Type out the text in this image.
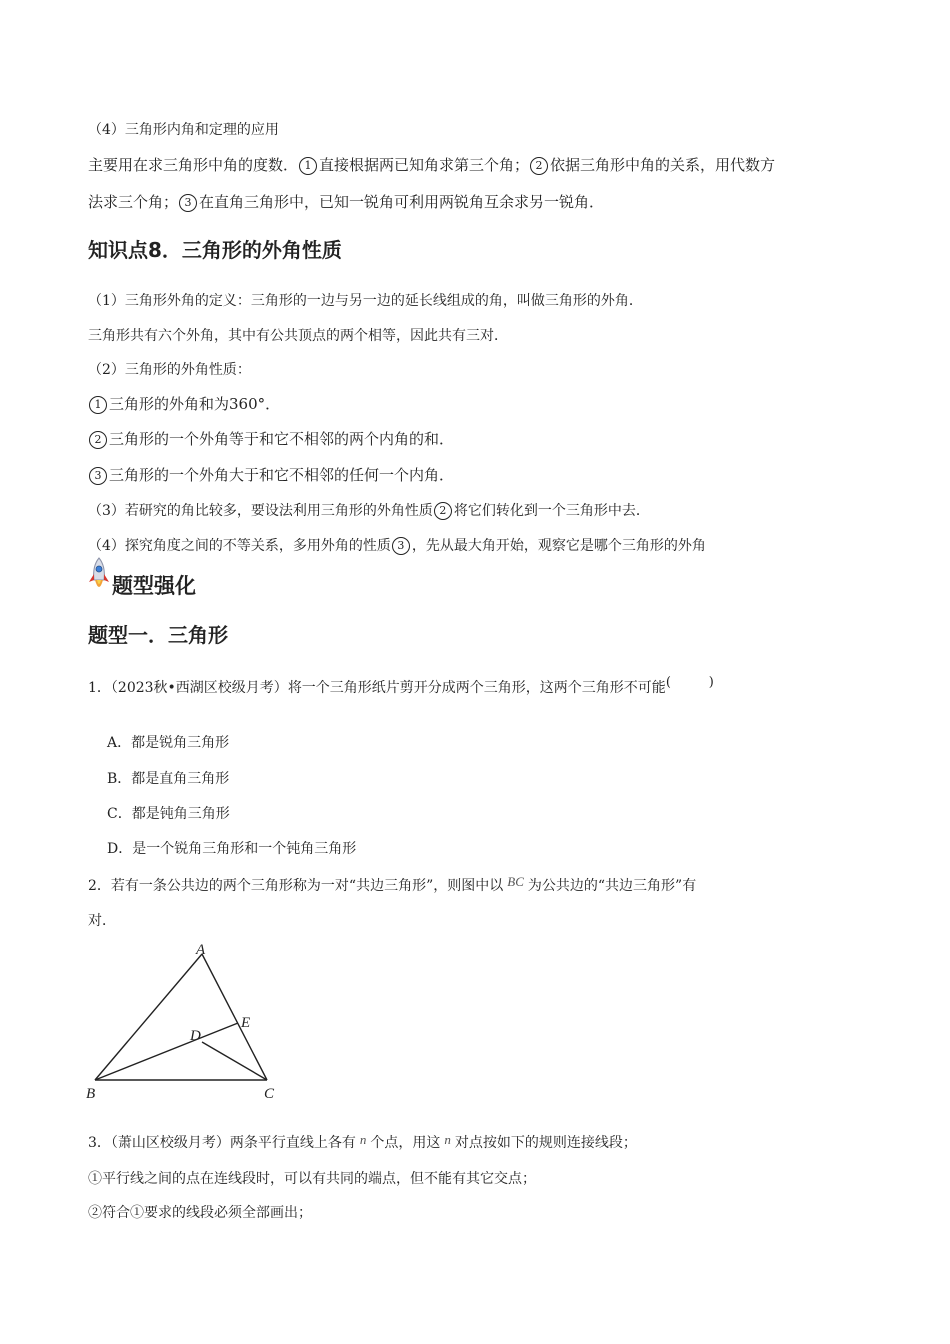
（4）三角形内角和定理的应用
主要用在求三角形中角的度数． 1 直接根据两已知角求第三个角； 2 依据三角形中角的关系，用代数方
法求三个角； 3 在直角三角形中，已知一锐角可利用两锐角互余求另一锐角．
知识点8．三角形的外角性质
（1）三角形外角的定义：三角形的一边与另一边的延长线组成的角，叫做三角形的外角．
三角形共有六个外角，其中有公共顶点的两个相等，因此共有三对．
（2）三角形的外角性质：
1 三角形的外角和为360°．
2 三角形的一个外角等于和它不相邻的两个内角的和．
3 三角形的一个外角大于和它不相邻的任何一个内角．
（3）若研究的角比较多，要设法利用三角形的外角性质 2 将它们转化到一个三角形中去．
（4）探究角度之间的不等关系，多用外角的性质 3 ，先从最大角开始，观察它是哪个三角形的外角
题型强化
题型一．三角形
1．（2023秋•西湖区校级月考）将一个三角形纸片剪开分成两个三角形，这两个三角形不可能(	)
A．都是锐角三角形
B．都是直角三角形
C．都是钝角三角形
D．是一个锐角三角形和一个钝角三角形
2．若有一条公共边的两个三角形称为一对“共边三角形”，则图中以 BC 为公共边的“共边三角形”有
对．
A
B	C
D
E
3．（萧山区校级月考）两条平行直线上各有 n 个点，用这 n 对点按如下的规则连接线段；
①平行线之间的点在连线段时，可以有共同的端点，但不能有其它交点；
②符合①要求的线段必须全部画出；
